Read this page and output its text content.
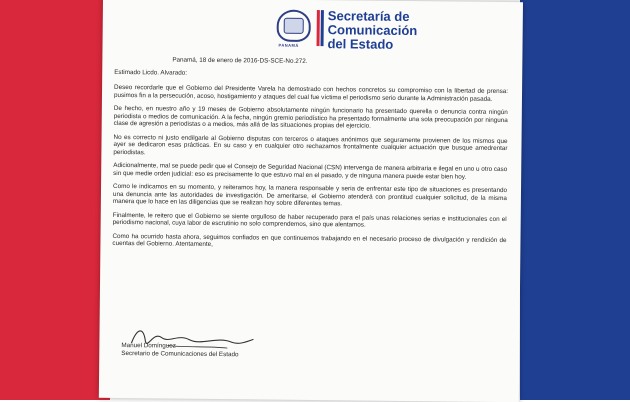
PANAMÁ
Secretaría de
Comunicación
del Estado

Panamá, 18 de enero de 2016-DS-SCE-No.272.

Estimado Licdo. Alvarado:

Deseo recordarle que el Gobierno del Presidente Varela ha demostrado con hechos concretos su compromiso con la libertad de prensa: pusimos fin a la persecución, acoso, hostigamiento y ataques del cual fue víctima el periodismo serio durante la Administración pasada.

De hecho, en nuestro año y 19 meses de Gobierno absolutamente ningún funcionario ha presentado querella o denuncia contra ningún periodista o medios de comunicación. A la fecha, ningún gremio periodístico ha presentado formalmente una sola preocupación por ninguna clase de agresión a periodistas o a medios, más allá de las situaciones propias del ejercicio.

No es correcto ni justo endilgarle al Gobierno disputas con terceros o ataques anónimos que seguramente provienen de los mismos que ayer se dedicaron esas prácticas. En su caso y en cualquier otro rechazamos frontalmente cualquier actuación que busque amedrentar periodistas.

Adicionalmente, mal se puede pedir que el Consejo de Seguridad Nacional (CSN) intervenga de manera arbitraria e ilegal en uno u otro caso sin que medie orden judicial: eso es precisamente lo que estuvo mal en el pasado, y de ninguna manera puede estar bien hoy.

Como le indicamos en su momento, y reiteramos hoy, la manera responsable y seria de enfrentar este tipo de situaciones es presentando una denuncia ante las autoridades de investigación. De ameritarse, el Gobierno atenderá con prontitud cualquier solicitud, de la misma manera que lo hace en las diligencias que se realizan hoy sobre diferentes temas.

Finalmente, le reitero que el Gobierno se siente orgulloso de haber recuperado para el país unas relaciones serias e institucionales con el periodismo nacional, cuya labor de escrutinio no solo comprendemos, sino que alentamos.

Como ha ocurrido hasta ahora, seguimos confiados en que continuemos trabajando en el necesario proceso de divulgación y rendición de cuentas del Gobierno. Atentamente,

Manuel Domínguez
Secretario de Comunicaciones del Estado
